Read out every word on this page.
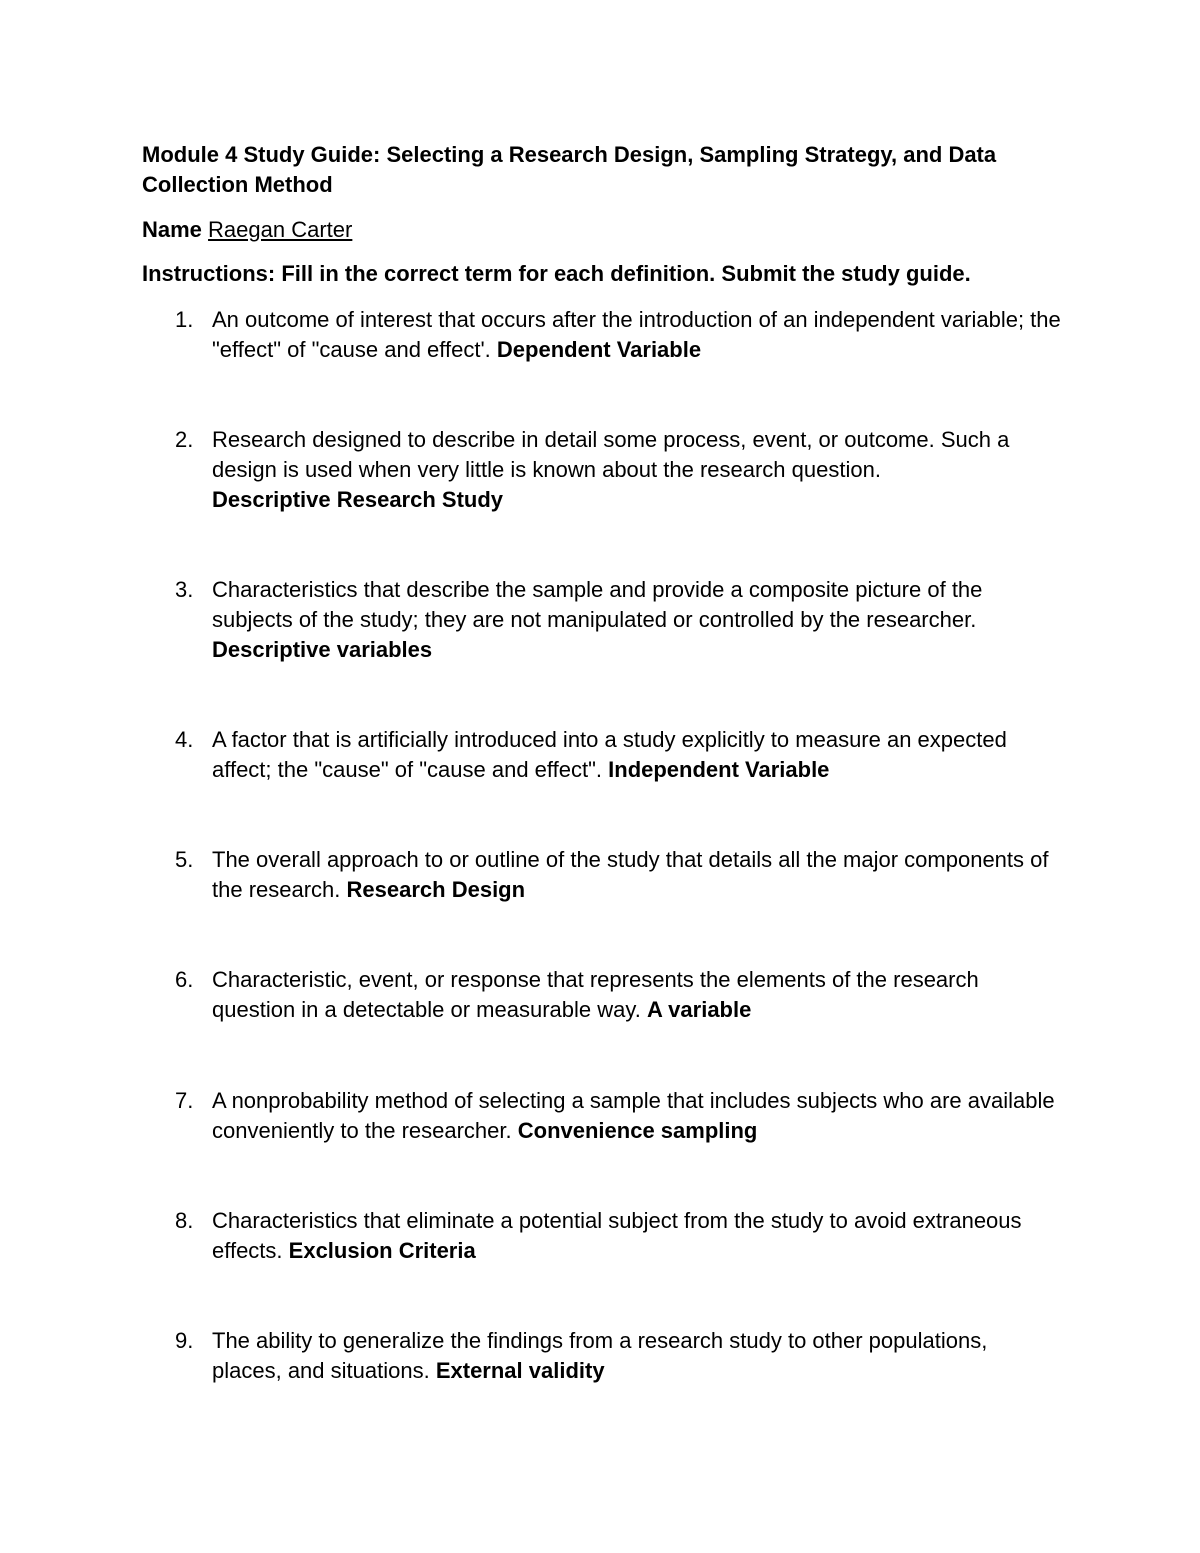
Module 4 Study Guide: Selecting a Research Design, Sampling Strategy, and Data Collection Method

Name Raegan Carter

Instructions: Fill in the correct term for each definition. Submit the study guide.

1. An outcome of interest that occurs after the introduction of an independent variable; the "effect" of "cause and effect'. Dependent Variable
2. Research designed to describe in detail some process, event, or outcome. Such a design is used when very little is known about the research question.
Descriptive Research Study
3. Characteristics that describe the sample and provide a composite picture of the subjects of the study; they are not manipulated or controlled by the researcher.
Descriptive variables
4. A factor that is artificially introduced into a study explicitly to measure an expected affect; the "cause" of "cause and effect". Independent Variable
5. The overall approach to or outline of the study that details all the major components of the research. Research Design
6. Characteristic, event, or response that represents the elements of the research question in a detectable or measurable way. A variable
7. A nonprobability method of selecting a sample that includes subjects who are available conveniently to the researcher. Convenience sampling
8. Characteristics that eliminate a potential subject from the study to avoid extraneous effects. Exclusion Criteria
9. The ability to generalize the findings from a research study to other populations, places, and situations. External validity
